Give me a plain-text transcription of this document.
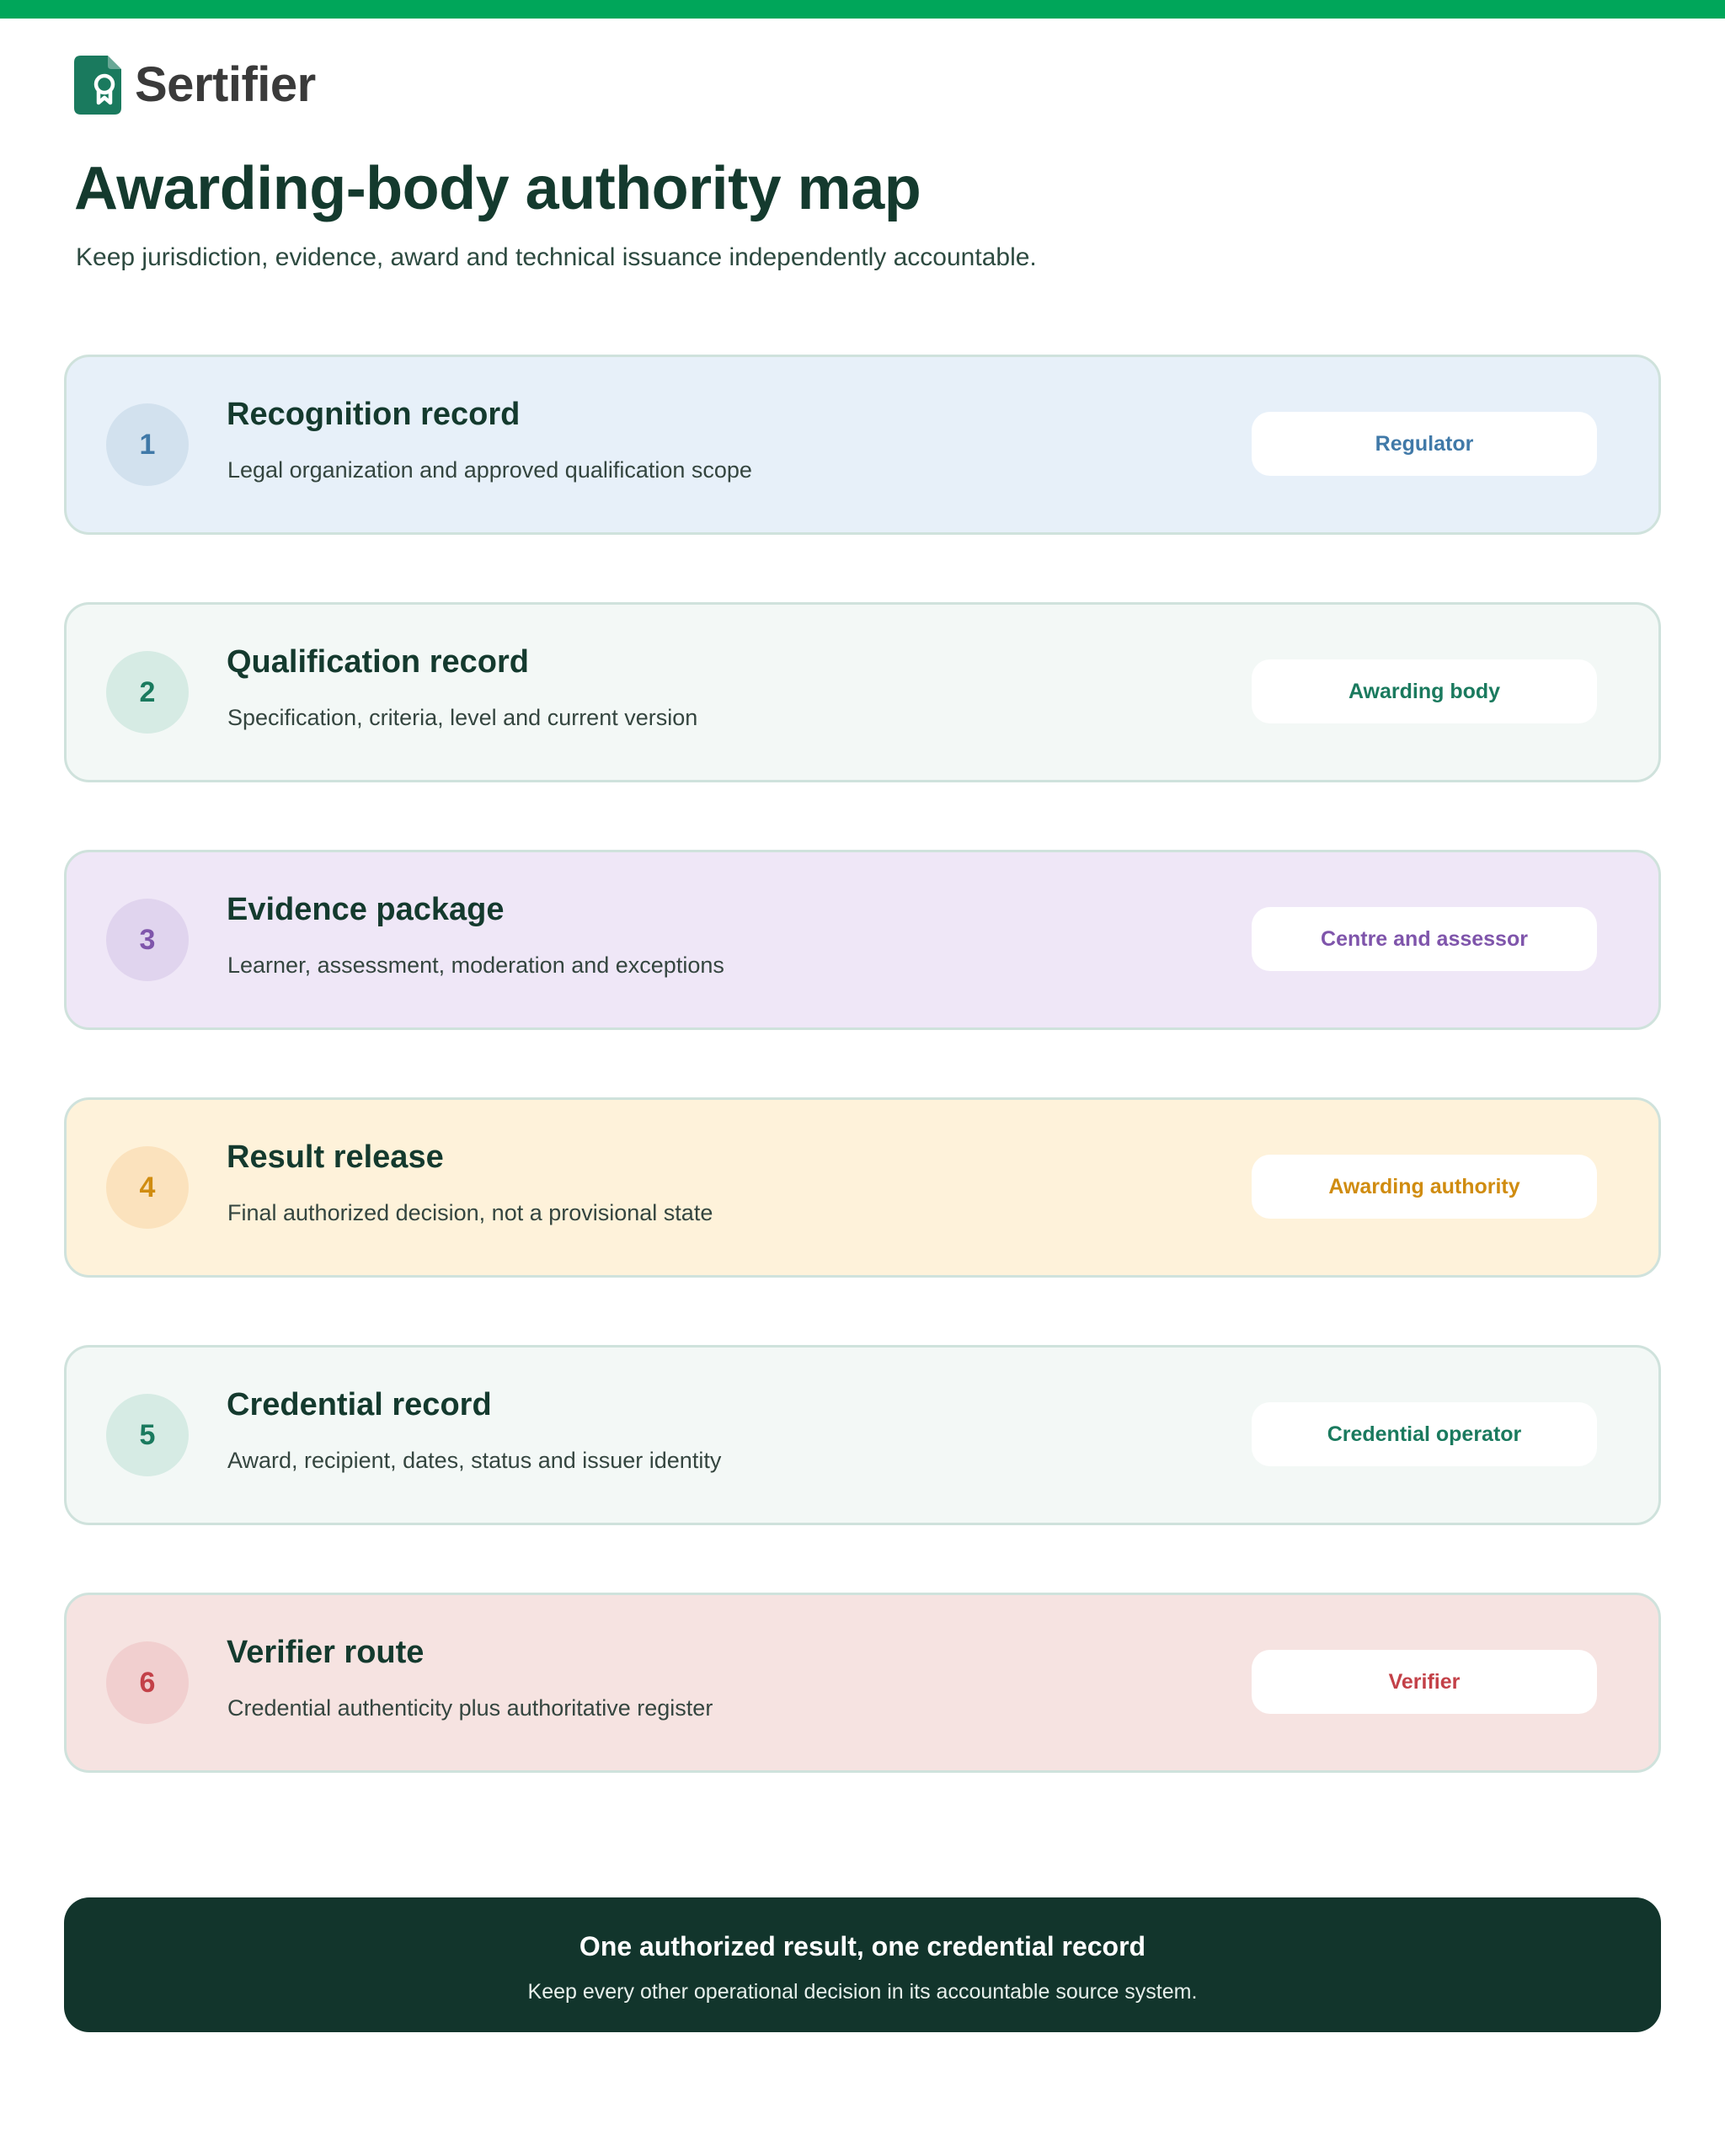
Sertifier
Awarding-body authority map

Keep jurisdiction, evidence, award and technical issuance independently accountable.

1
Recognition record

Legal organization and approved qualification scope

Regulator
2
Qualification record

Specification, criteria, level and current version

Awarding body
3
Evidence package

Learner, assessment, moderation and exceptions

Centre and assessor
4
Result release

Final authorized decision, not a provisional state

Awarding authority
5
Credential record

Award, recipient, dates, status and issuer identity

Credential operator
6
Verifier route

Credential authenticity plus authoritative register

Verifier

One authorized result, one credential record

Keep every other operational decision in its accountable source system.
